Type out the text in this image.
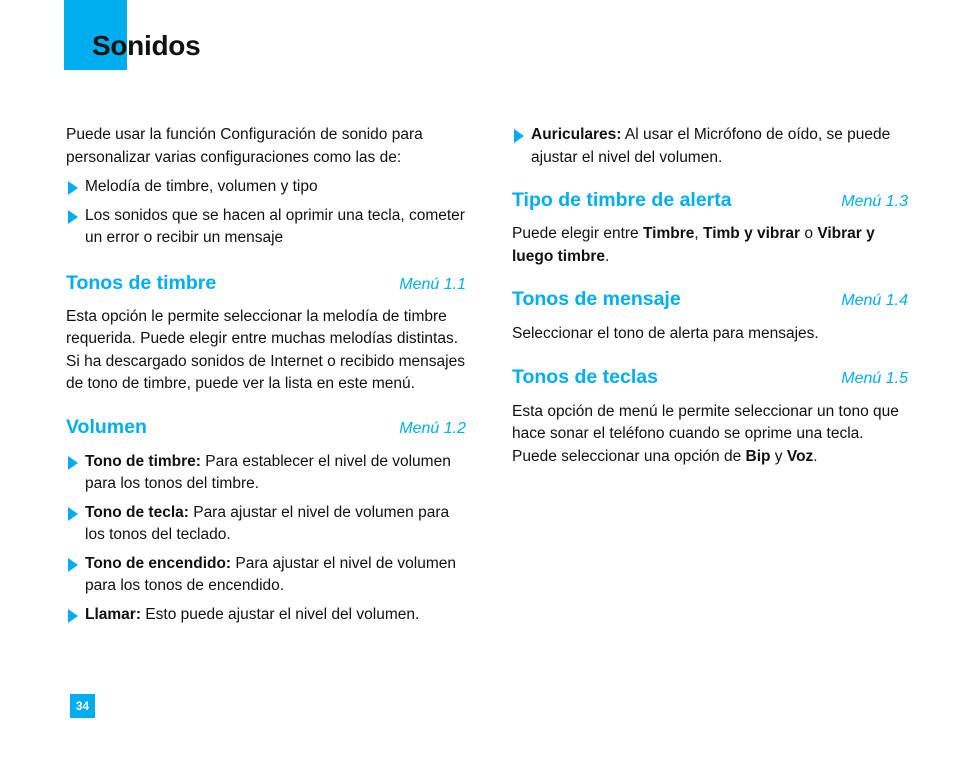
Sonidos

Puede usar la función Configuración de sonido para personalizar varias configuraciones como las de:

Melodía de timbre, volumen y tipo
Los sonidos que se hacen al oprimir una tecla, cometer un error o recibir un mensaje
Tonos de timbre	Menú 1.1

Esta opción le permite seleccionar la melodía de timbre requerida. Puede elegir entre muchas melodías distintas. Si ha descargado sonidos de Internet o recibido mensajes de tono de timbre, puede ver la lista en este menú.

Volumen	Menú 1.2
Tono de timbre: Para establecer el nivel de volumen para los tonos del timbre.
Tono de tecla: Para ajustar el nivel de volumen para los tonos del teclado.
Tono de encendido: Para ajustar el nivel de volumen para los tonos de encendido.
Llamar: Esto puede ajustar el nivel del volumen.
Auriculares: Al usar el Micrófono de oído, se puede ajustar el nivel del volumen.
Tipo de timbre de alerta	Menú 1.3

Puede elegir entre Timbre, Timb y vibrar o Vibrar y luego timbre.

Tonos de mensaje	Menú 1.4

Seleccionar el tono de alerta para mensajes.

Tonos de teclas	Menú 1.5

Esta opción de menú le permite seleccionar un tono que hace sonar el teléfono cuando se oprime una tecla. Puede seleccionar una opción de Bip y Voz.

34
